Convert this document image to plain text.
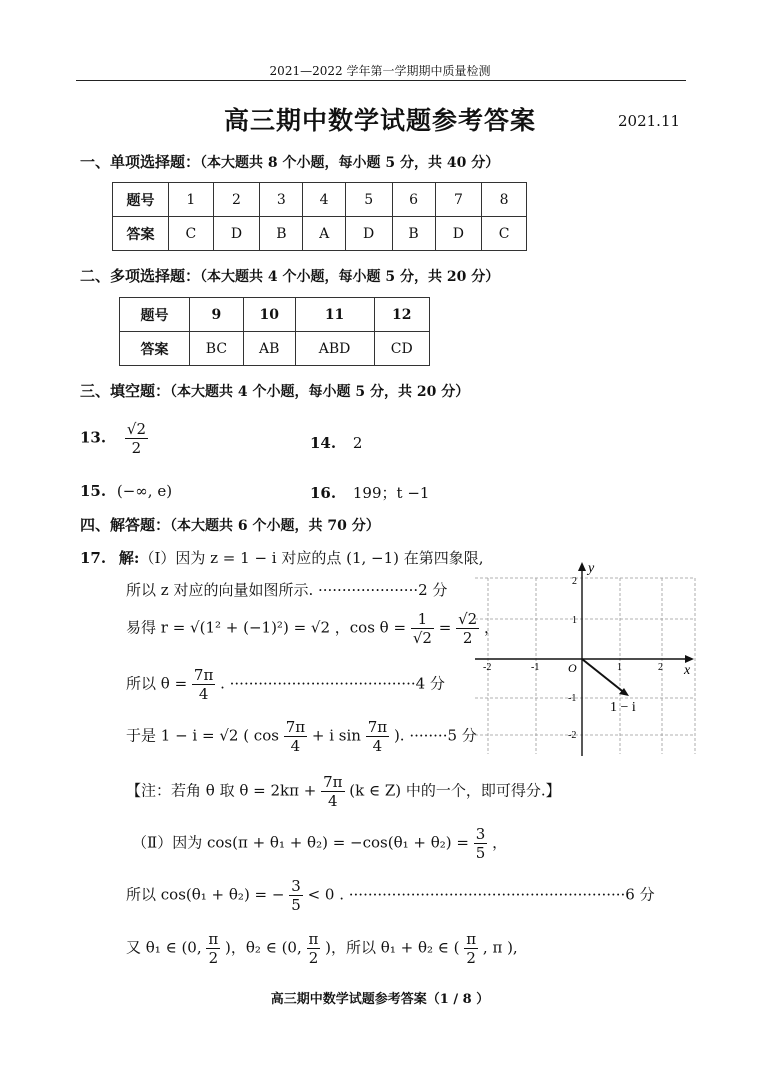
2021—2022 学年第一学期期中质量检测
高三期中数学试题参考答案	2021.11
一、单项选择题：（本大题共 8 个小题，每小题 5 分，共 40 分）
题号	1	2	3	4	5	6	7	8
答案	C	D	B	A	D	B	D	C
二、多项选择题：（本大题共 4 个小题，每小题 5 分，共 20 分）
题号	9	10	11	12
答案	BC	AB	ABD	CD
三、填空题：（本大题共 4 个小题，每小题 5 分，共 20 分）
13. $\frac{√2}{2}$	14. 2
15. (−∞, e)	16. 199；t −1
四、解答题：（本大题共 6 个小题，共 70 分）
17. 解:（Ⅰ）因为 z = 1 − i 对应的点 (1, −1) 在第四象限,
所以 z 对应的向量如图所示. ·····················2 分
易得 r = √(1² + (−1)²) = √2 ，$\cos \theta = \frac{1}{√2} = \frac{√2}{2}$ ，
所以 $\theta = \frac{7\pi}{4}$ . ·······································4 分
于是 1 − i = √2 ( $\cos \frac{7\pi}{4} + i$ $\sin \frac{7\pi}{4}$ ). ········5 分
【注：若角 θ 取 $\theta = 2k\pi + \frac{7\pi}{4} (k$ ∈ Z) 中的一个，即可得分.】
（Ⅱ）因为 $\cos(\pi + \theta_1 + \theta_2) = -\cos(\theta_1 + \theta_2) = \frac{3}{5}$ ，
所以 cos(θ₁ + θ₂) = − $\frac{3}{5} < 0$ . ··························································6 分
又 θ₁ ∈ (0, $\frac{\pi}{2}$ )，θ₂ ∈ (0, $\frac{\pi}{2}$ )，所以 θ₁ + θ₂ ∈ ( $\frac{\pi}{2}$ , π ),
x
y
O
-2	-1	1	2
2
1
-1
-2
1 − i
高三期中数学试题参考答案（1 / 8 ）
